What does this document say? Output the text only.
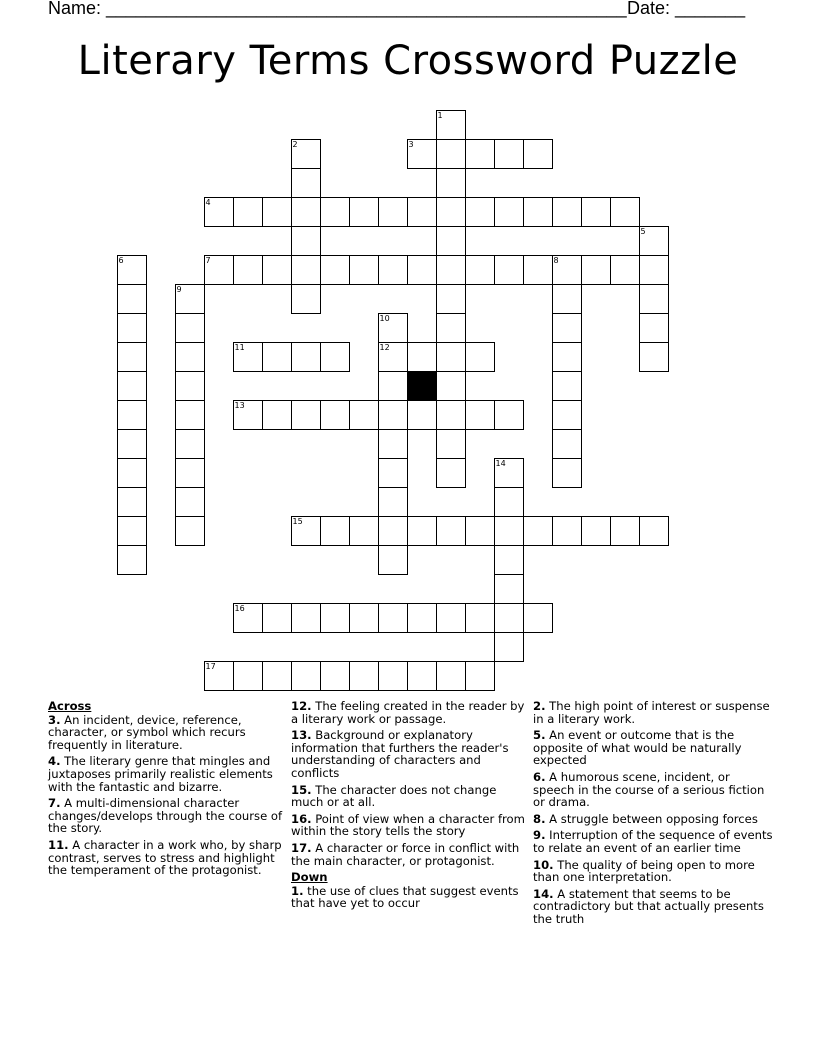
Name: ____________________________________________________ Date: _______
Literary Terms Crossword Puzzle
1
2	3
4
5
6	7	8
9
10
12
11
13
14
15
16
17
Across
3. An incident, device, reference, character, or symbol which recurs frequently in literature.
4. The literary genre that mingles and juxtaposes primarily realistic elements with the fantastic and bizarre.
7. A multi-dimensional character changes/develops through the course of the story.
11. A character in a work who, by sharp contrast, serves to stress and highlight the temperament of the protagonist.
12. The feeling created in the reader by a literary work or passage.
13. Background or explanatory information that furthers the reader's understanding of characters and conflicts
15. The character does not change much or at all.
16. Point of view when a character from within the story tells the story
17. A character or force in conflict with the main character, or protagonist.
Down
1. the use of clues that suggest events that have yet to occur
2. The high point of interest or suspense in a literary work.
5. An event or outcome that is the opposite of what would be naturally expected
6. A humorous scene, incident, or speech in the course of a serious fiction or drama.
8. A struggle between opposing forces
9. Interruption of the sequence of events to relate an event of an earlier time
10. The quality of being open to more than one interpretation.
14. A statement that seems to be contradictory but that actually presents the truth
